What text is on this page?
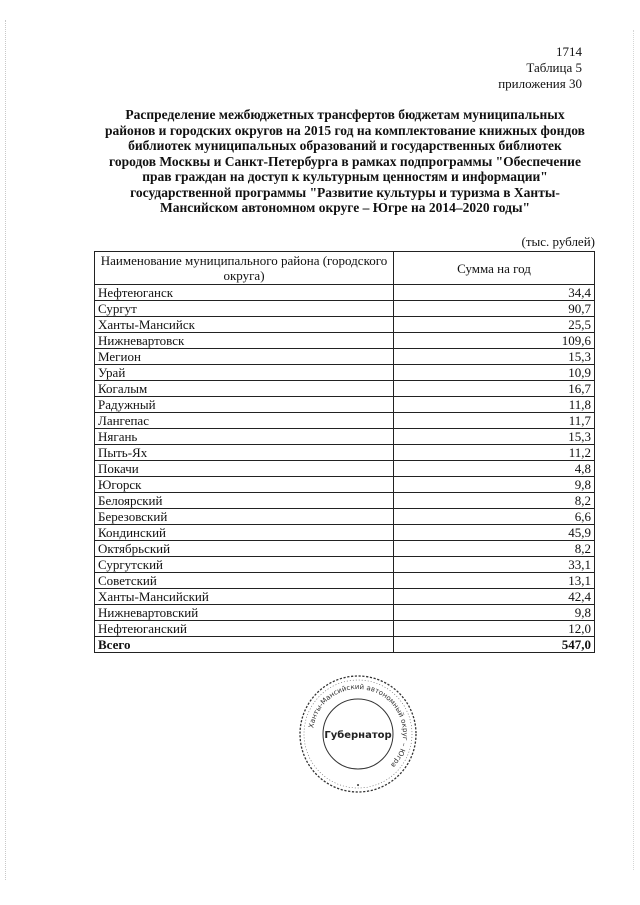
1714
Таблица 5
приложения 30
Распределение межбюджетных трансфертов бюджетам муниципальных
районов и городских округов на 2015 год на комплектование книжных фондов
библиотек муниципальных образований и государственных библиотек
городов Москвы и Санкт-Петербурга в рамках подпрограммы "Обеспечение
прав граждан на доступ к культурным ценностям и информации"
государственной программы "Развитие культуры и туризма в Ханты-
Мансийском автономном округе – Югре на 2014–2020 годы"
(тыс. рублей)
Наименование муниципального района (городского округа)	Сумма на год
Нефтеюганск	34,4
Сургут	90,7
Ханты-Мансийск	25,5
Нижневартовск	109,6
Мегион	15,3
Урай	10,9
Когалым	16,7
Радужный	11,8
Лангепас	11,7
Нягань	15,3
Пыть-Ях	11,2
Покачи	4,8
Югорск	9,8
Белоярский	8,2
Березовский	6,6
Кондинский	45,9
Октябрьский	8,2
Сургутский	33,1
Советский	13,1
Ханты-Мансийский	42,4
Нижневартовский	9,8
Нефтеюганский	12,0
Всего	547,0
Ханты-Мансийский автономный округ – Югра
Губернатор
•
